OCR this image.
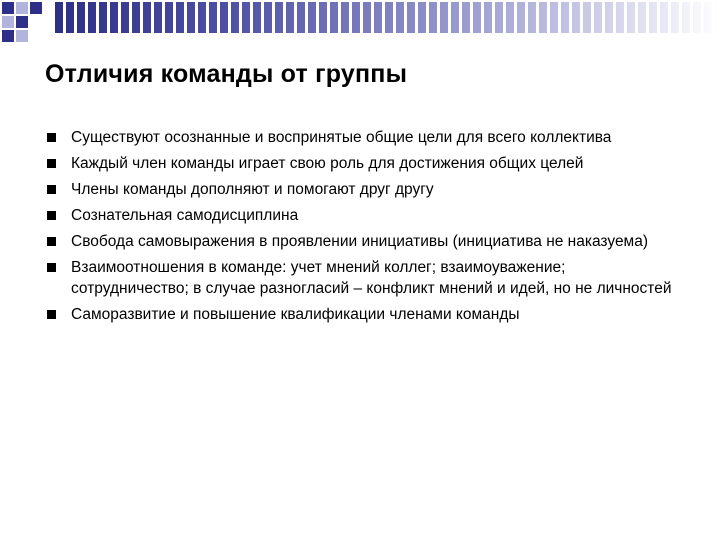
Отличия команды от группы
Существуют осознанные и воспринятые общие цели для всего коллектива
Каждый член команды играет свою роль для достижения общих целей
Члены команды дополняют и помогают друг другу
Сознательная самодисциплина
Свобода самовыражения в проявлении инициативы (инициатива не наказуема)
Взаимоотношения в команде: учет мнений коллег; взаимоуважение; сотрудничество; в случае разногласий – конфликт мнений и идей, но не личностей
Саморазвитие и повышение квалификации членами команды
